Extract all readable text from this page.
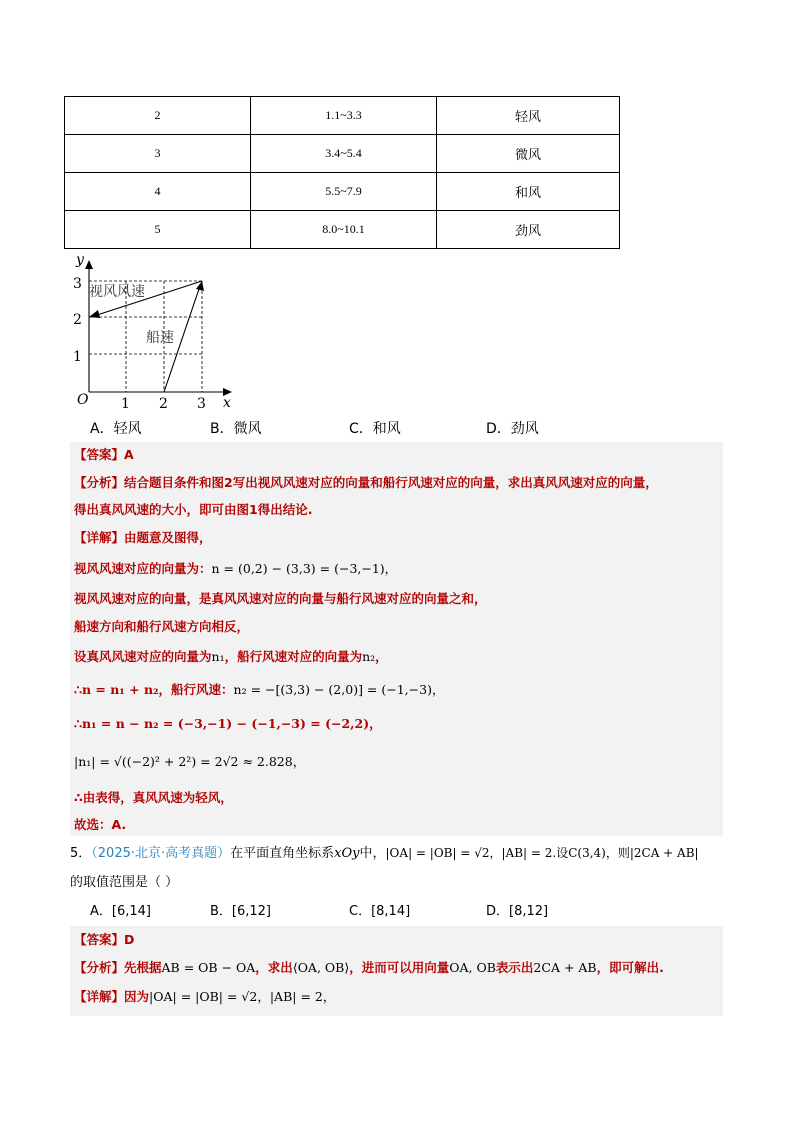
2	1.1~3.3	轻风
3	3.4~5.4	微风
4	5.5~7.9	和风
5	8.0~10.1	劲风
3
2
1
O 1 2 3 x
y
视风风速
船速
A．轻风	B．微风	C．和风	D．劲风
【答案】A
【分析】结合题目条件和图2写出视风风速对应的向量和船行风速对应的向量，求出真风风速对应的向量，
得出真风风速的大小，即可由图1得出结论.
【详解】由题意及图得，
视风风速对应的向量为：n = (0,2) − (3,3) = (−3,−1)，
视风风速对应的向量，是真风风速对应的向量与船行风速对应的向量之和，
船速方向和船行风速方向相反，
设真风风速对应的向量为n₁，船行风速对应的向量为n₂，
∴n = n₁ + n₂，船行风速：n₂ = −[(3,3) − (2,0)] = (−1,−3)，
∴n₁ = n − n₂ = (−3,−1) − (−1,−3) = (−2,2)，
|n₁| = √((−2)² + 2²) = 2√2 ≈ 2.828，
∴由表得，真风风速为轻风，
故选：A.
5．（2025·北京·高考真题）在平面直角坐标系xOy中，|OA| = |OB| = √2，|AB| = 2.设C(3,4)，则|2CA + AB|
的取值范围是（ ）
A．[6,14]	B．[6,12]	C．[8,14]	D．[8,12]
【答案】D
【分析】先根据AB = OB − OA，求出⟨OA, OB⟩，进而可以用向量OA, OB表示出2CA + AB，即可解出.
【详解】因为|OA| = |OB| = √2，|AB| = 2，
